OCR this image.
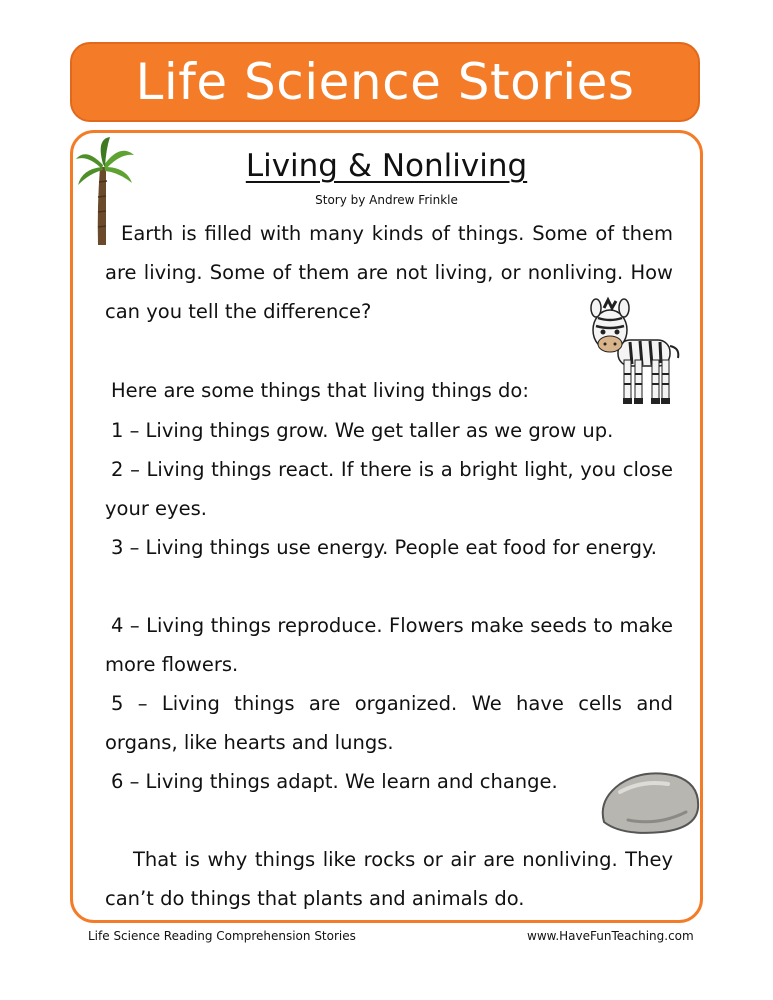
Life Science Stories
Living & Nonliving
Story by Andrew Frinkle
Earth is filled with many kinds of things. Some of them are living. Some of them are not living, or nonliving. How can you tell the difference?
Here are some things that living things do:
1 – Living things grow. We get taller as we grow up.
2 – Living things react. If there is a bright light, you close your eyes.
3 – Living things use energy. People eat food for energy.
4 – Living things reproduce. Flowers make seeds to make more flowers.
5 – Living things are organized. We have cells and organs, like hearts and lungs.
6 – Living things adapt. We learn and change.
That is why things like rocks or air are nonliving. They can’t do things that plants and animals do.
Life Science Reading Comprehension Stories	www.HaveFunTeaching.com
